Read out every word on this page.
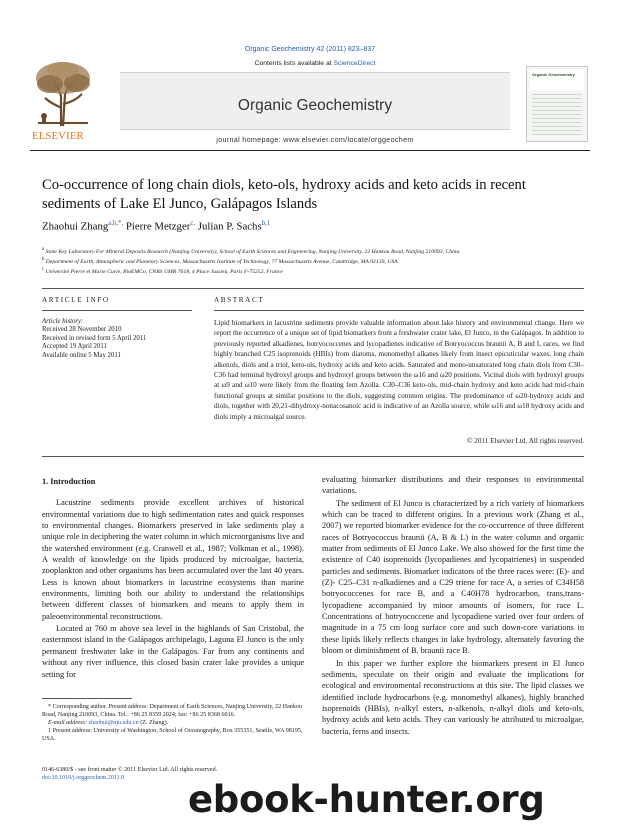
Organic Geochemistry 42 (2011) 823–837
ELSEVIER
Contents lists available at ScienceDirect
Organic Geochemistry
journal homepage: www.elsevier.com/locate/orggeochem
Organic Geochemistry
Co-occurrence of long chain diols, keto-ols, hydroxy acids and keto acids in recent sediments of Lake El Junco, Galápagos Islands
Zhaohui Zhang$^{a,b,*,}$ Pierre Metzger$^{c,}$ Julian P. Sachs$^{b,1}$
$^a$ State Key Laboratory For Mineral Deposits Research (Nanjing University), School of Earth Sciences and Engineering, Nanjing University, 22 Hankou Road, Nanjing 210093, China
$^b$ Department of Earth, Atmospheric and Planetary Sciences, Massachusetts Institute of Technology, 77 Massachusetts Avenue, Cambridge, MA 02139, USA
$^c$ Université Pierre et Marie Curie, BioEMCo, CNRS UMR 7618, 4 Place Jussieu, Paris F-75252, France
ARTICLE INFO	ABSTRACT
Article history:
Received 28 November 2010
Received in revised form 5 April 2011
Accepted 19 April 2011
Available online 5 May 2011
Lipid biomarkers in lacustrine sediments provide valuable information about lake history and environmental change. Here we report the occurrence of a unique set of lipid biomarkers from a freshwater crater lake, El Junco, in the Galápagos. In addition to previously reported alkadienes, botryococcenes and lycopadienes indicative of Botryococcus braunii A, B and L races, we find highly branched C25 isoprenoids (HBIs) from diatoms, monomethyl alkanes likely from insect epicuticular waxes, long chain alkenols, diols and a triol, keto-ols, hydroxy acids and keto acids. Saturated and mono-unsaturated long chain diols from C30–C36 had terminal hydroxyl groups and hydroxyl groups between the ω16 and ω20 positions. Vicinal diols with hydroxyl groups at ω9 and ω10 were likely from the floating fern Azolla. C30–C36 keto-ols, mid-chain hydroxy and keto acids had mid-chain functional groups at similar positions to the diols, suggesting common origins. The predominance of ω20-hydroxy acids and diols, together with 20,21-dihydroxy-nonacosanoic acid is indicative of an Azolla source, while ω16 and ω18 hydroxy acids and diols imply a microalgal source.
© 2011 Elsevier Ltd. All rights reserved.
1. Introduction

Lacustrine sediments provide excellent archives of historical environmental variations due to high sedimentation rates and quick responses to environmental changes. Biomarkers preserved in lake sediments play a unique role in deciphering the water column in which microorganisms live and the watershed environment (e.g. Cranwell et al., 1987; Volkman et al., 1998). A wealth of knowledge on the lipids produced by microalgae, bacteria, zooplankton and other organisms has been accumulated over the last 40 years. Less is known about biomarkers in lacustrine ecosystems than marine environments, limiting both our ability to understand the relationships between different classes of biomarkers and means to apply them in paleoenvironmental reconstructions.

Located at 760 m above sea level in the highlands of San Cristobal, the easternmost island in the Galápagos archipelago, Laguna El Junco is the only permanent freshwater lake in the Galápagos. Far from any continents and without any river influence, this closed basin crater lake provides a unique setting for

evaluating biomarker distributions and their responses to environmental variations.

The sediment of El Junco is characterized by a rich variety of biomarkers which can be traced to different origins. In a previous work (Zhang et al., 2007) we reported biomarker evidence for the co-occurrence of three different races of Botryococcus braunii (A, B & L) in the water column and organic matter from sediments of El Junco Lake. We also showed for the first time the existence of C40 isoprenoids (lycopadienes and lycopatrienes) in suspended particles and sediments. Biomarker indicators of the three races were: (E)- and (Z)- C25–C31 n-alkadienes and a C29 triene for race A, a series of C34H58 botryococcenes for race B, and a C40H78 hydrocarbon, trans,trans-lycopadiene accompanied by minor amounts of isomers, for race L. Concentrations of botryococcene and lycopadiene varied over four orders of magnitude in a 75 cm long surface core and such down-core variations in these lipids likely reflects changes in lake hydrology, alternately favoring the bloom or diminishment of B. braunii race B.

In this paper we further explore the biomarkers present in El Junco sediments, speculate on their origin and evaluate the implications for ecological and environmental reconstructions at this site. The lipid classes we identified include hydrocarbons (e.g. monomethyl alkanes), highly branched isoprenoids (HBIs), n-alkyl esters, n-alkenols, n-alkyl diols and keto-ols, hydroxy acids and keto acids. They can variously be attributed to microalgae, bacteria, ferns and insects.

* Corresponding author. Present address: Department of Earth Sciences, Nanjing University, 22 Hankou Road, Nanjing 210093, China. Tel.: +86 25 8359 2024; fax: +86 25 8368 6016.

E-mail address: zhaohui@nju.edu.cn (Z. Zhang).

1 Present address: University of Washington, School of Oceanography, Box 355351, Seattle, WA 98195, USA.

0146-6380/$ - see front matter © 2011 Elsevier Ltd. All rights reserved.
doi:10.1016/j.orggeochem.2011.0	ebook-hunter.org
